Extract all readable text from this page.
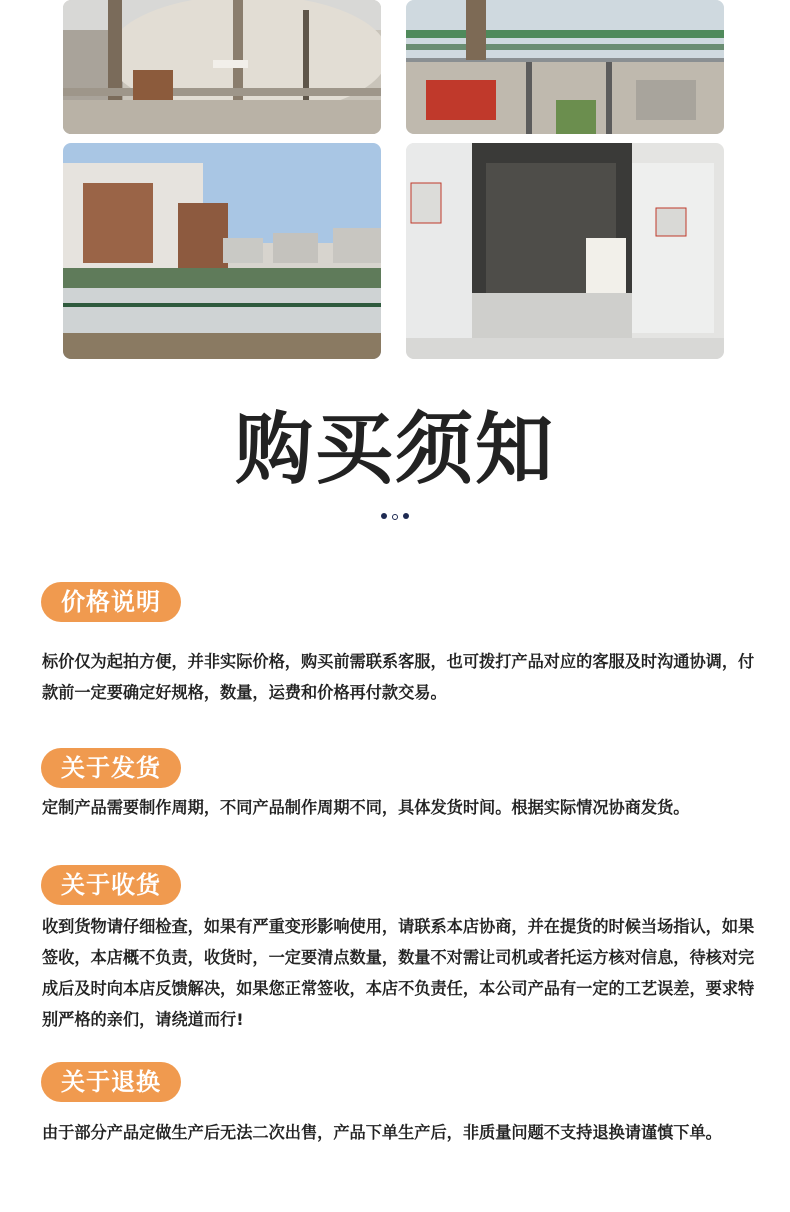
购买须知
价格说明
标价仅为起拍方便，并非实际价格，购买前需联系客服，也可拨打产品对应的客服及时沟通协调，付款前一定要确定好规格，数量，运费和价格再付款交易。
关于发货
定制产品需要制作周期，不同产品制作周期不同，具体发货时间。根据实际情况协商发货。
关于收货
收到货物请仔细检查，如果有严重变形影响使用，请联系本店协商，并在提货的时候当场指认，如果签收，本店概不负责，收货时，一定要清点数量，数量不对需让司机或者托运方核对信息，待核对完成后及时向本店反馈解决，如果您正常签收，本店不负责任，本公司产品有一定的工艺误差，要求特别严格的亲们，请绕道而行!
关于退换
由于部分产品定做生产后无法二次出售，产品下单生产后，非质量问题不支持退换请谨慎下单。
